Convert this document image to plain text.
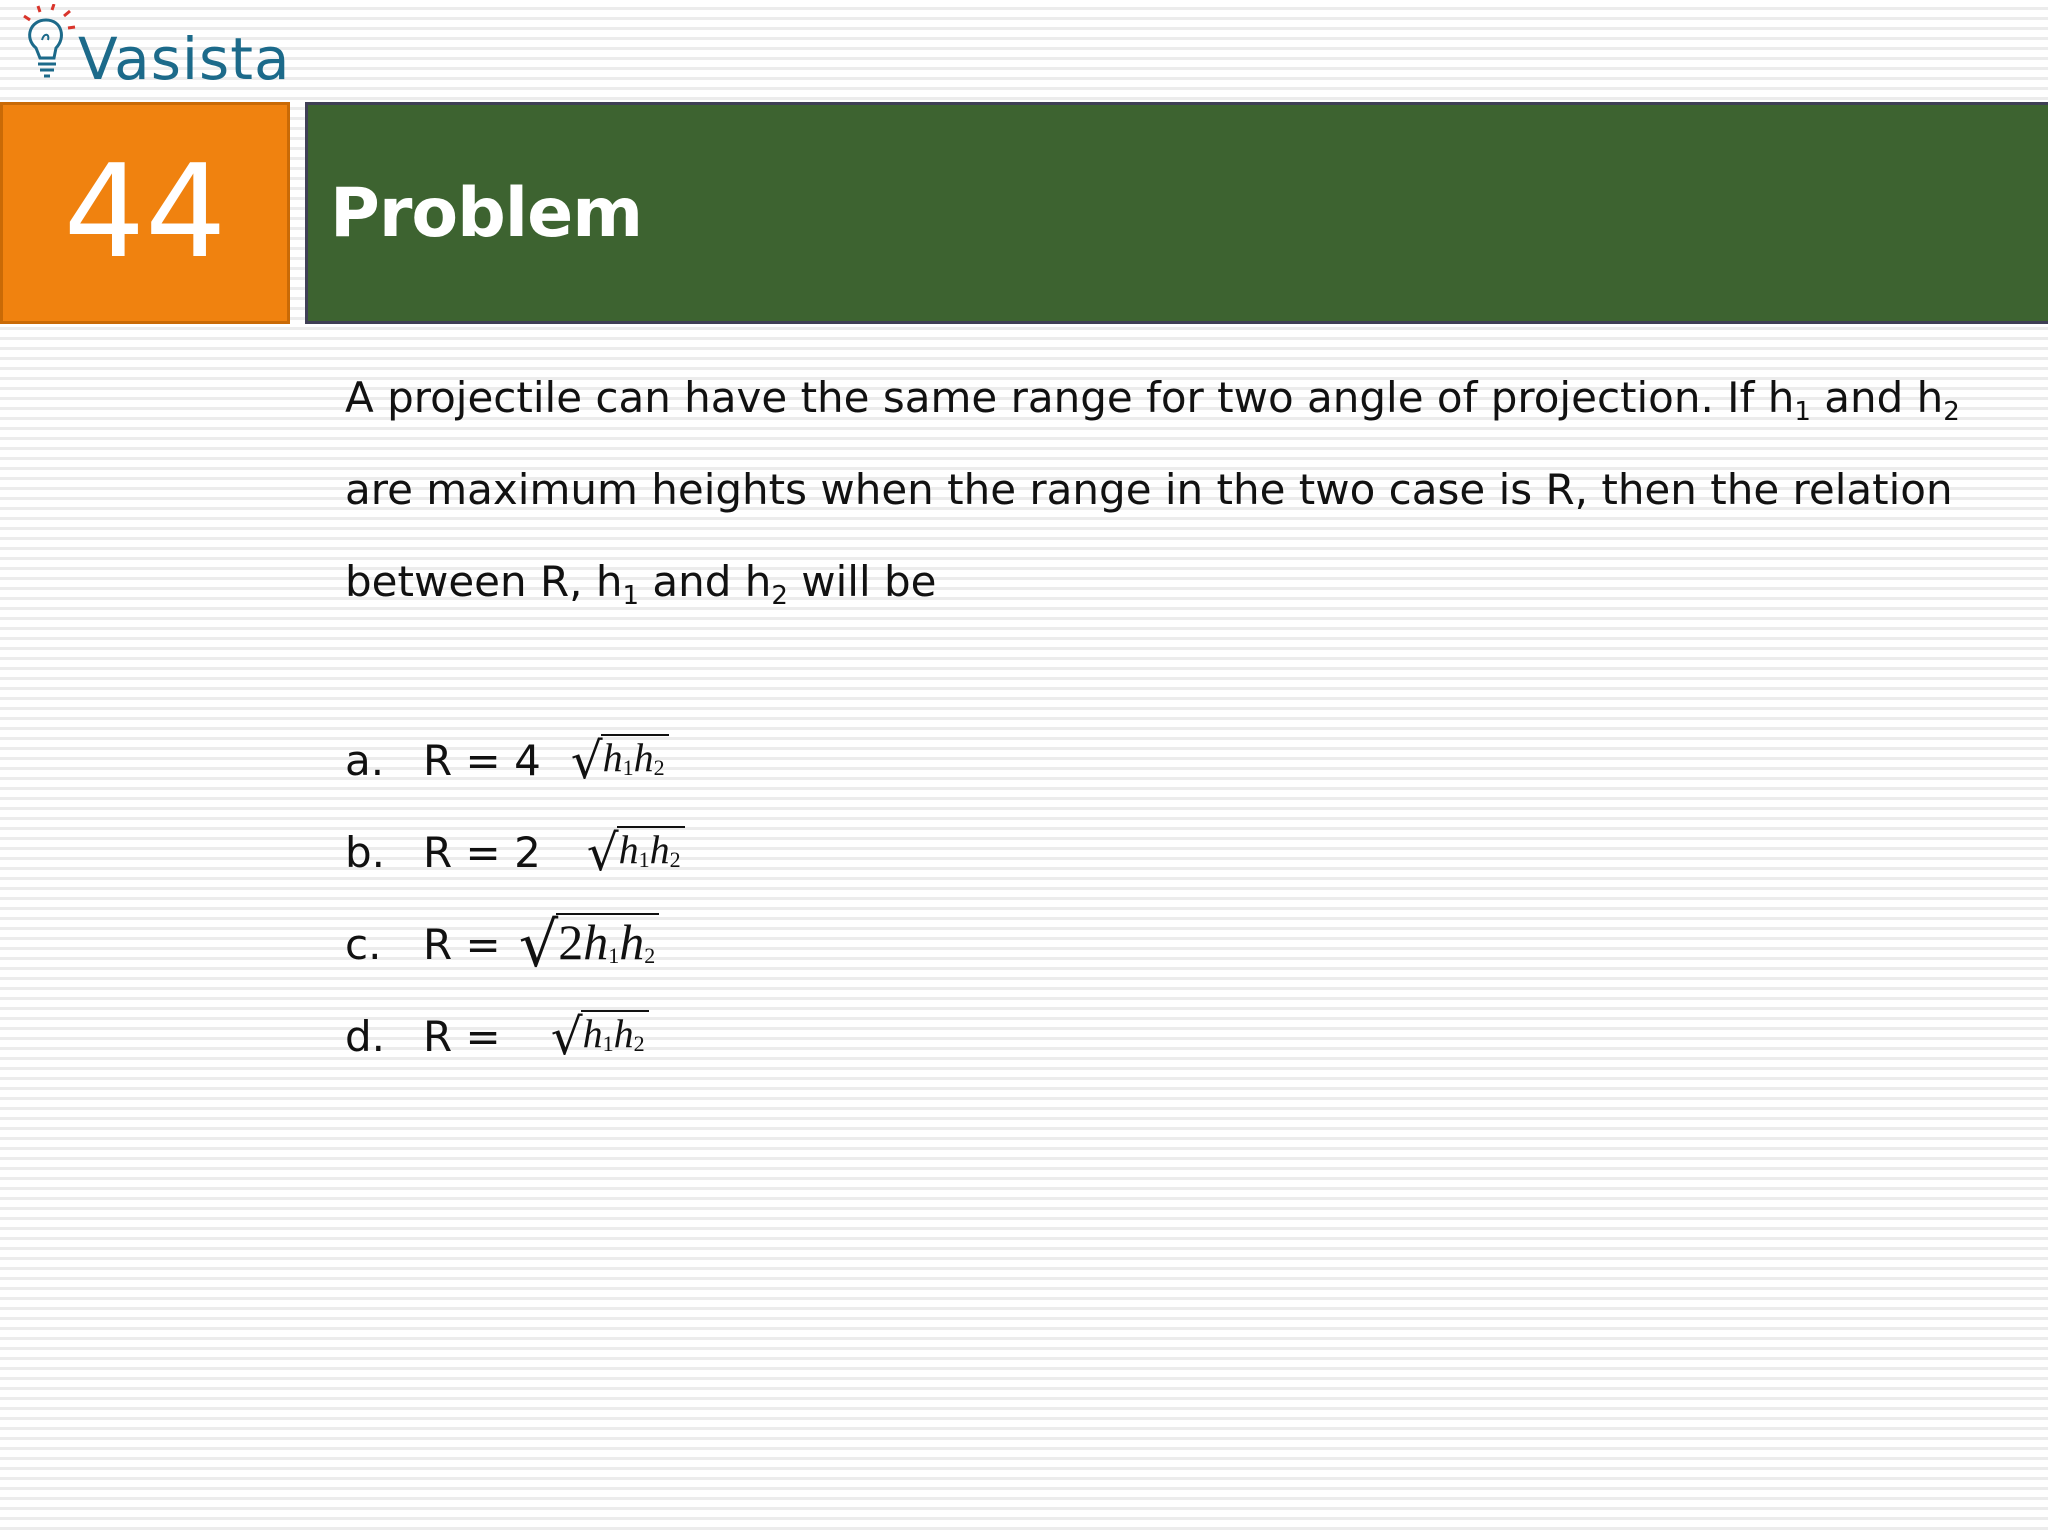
Vasista
44	Problem
A projectile can have the same range for two angle of projection. If $h_1$ and $h_2$ are maximum heights when the range in the two case is R, then the relation between R, $h_1$ and $h_2$ will be
a. R = 4 √ $h_1h_2$
b. R = 2 √ $h_1h_2$
c. R = √ $2h_1h_2$
d. R = √ $h_1h_2$
